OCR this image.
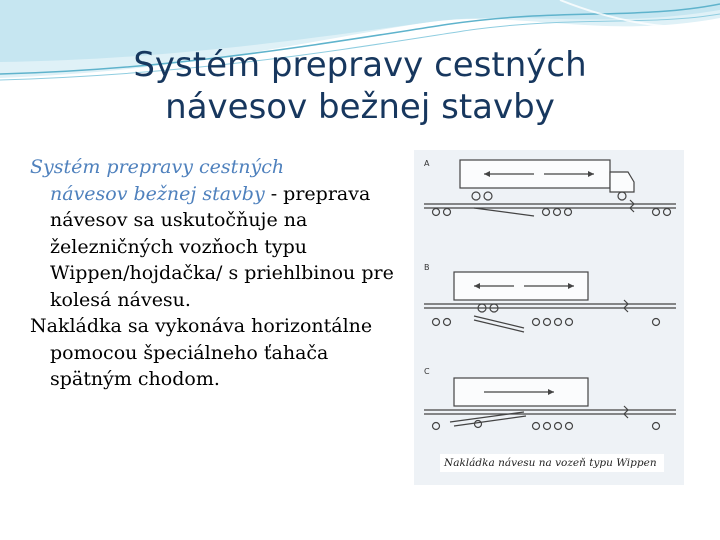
Systém prepravy cestných
návesov bežnej stavby

Systém prepravy cestných
návesov bežnej stavby - preprava návesov sa uskutočňuje na železničných vozňoch typu Wippen/hojdačka/ s priehlbinou pre kolesá návesu.

Nakládka sa vykonáva horizontálne pomocou špeciálneho ťahača spätným chodom.

A
B
C
Nakládka návesu na vozeň typu Wippen
